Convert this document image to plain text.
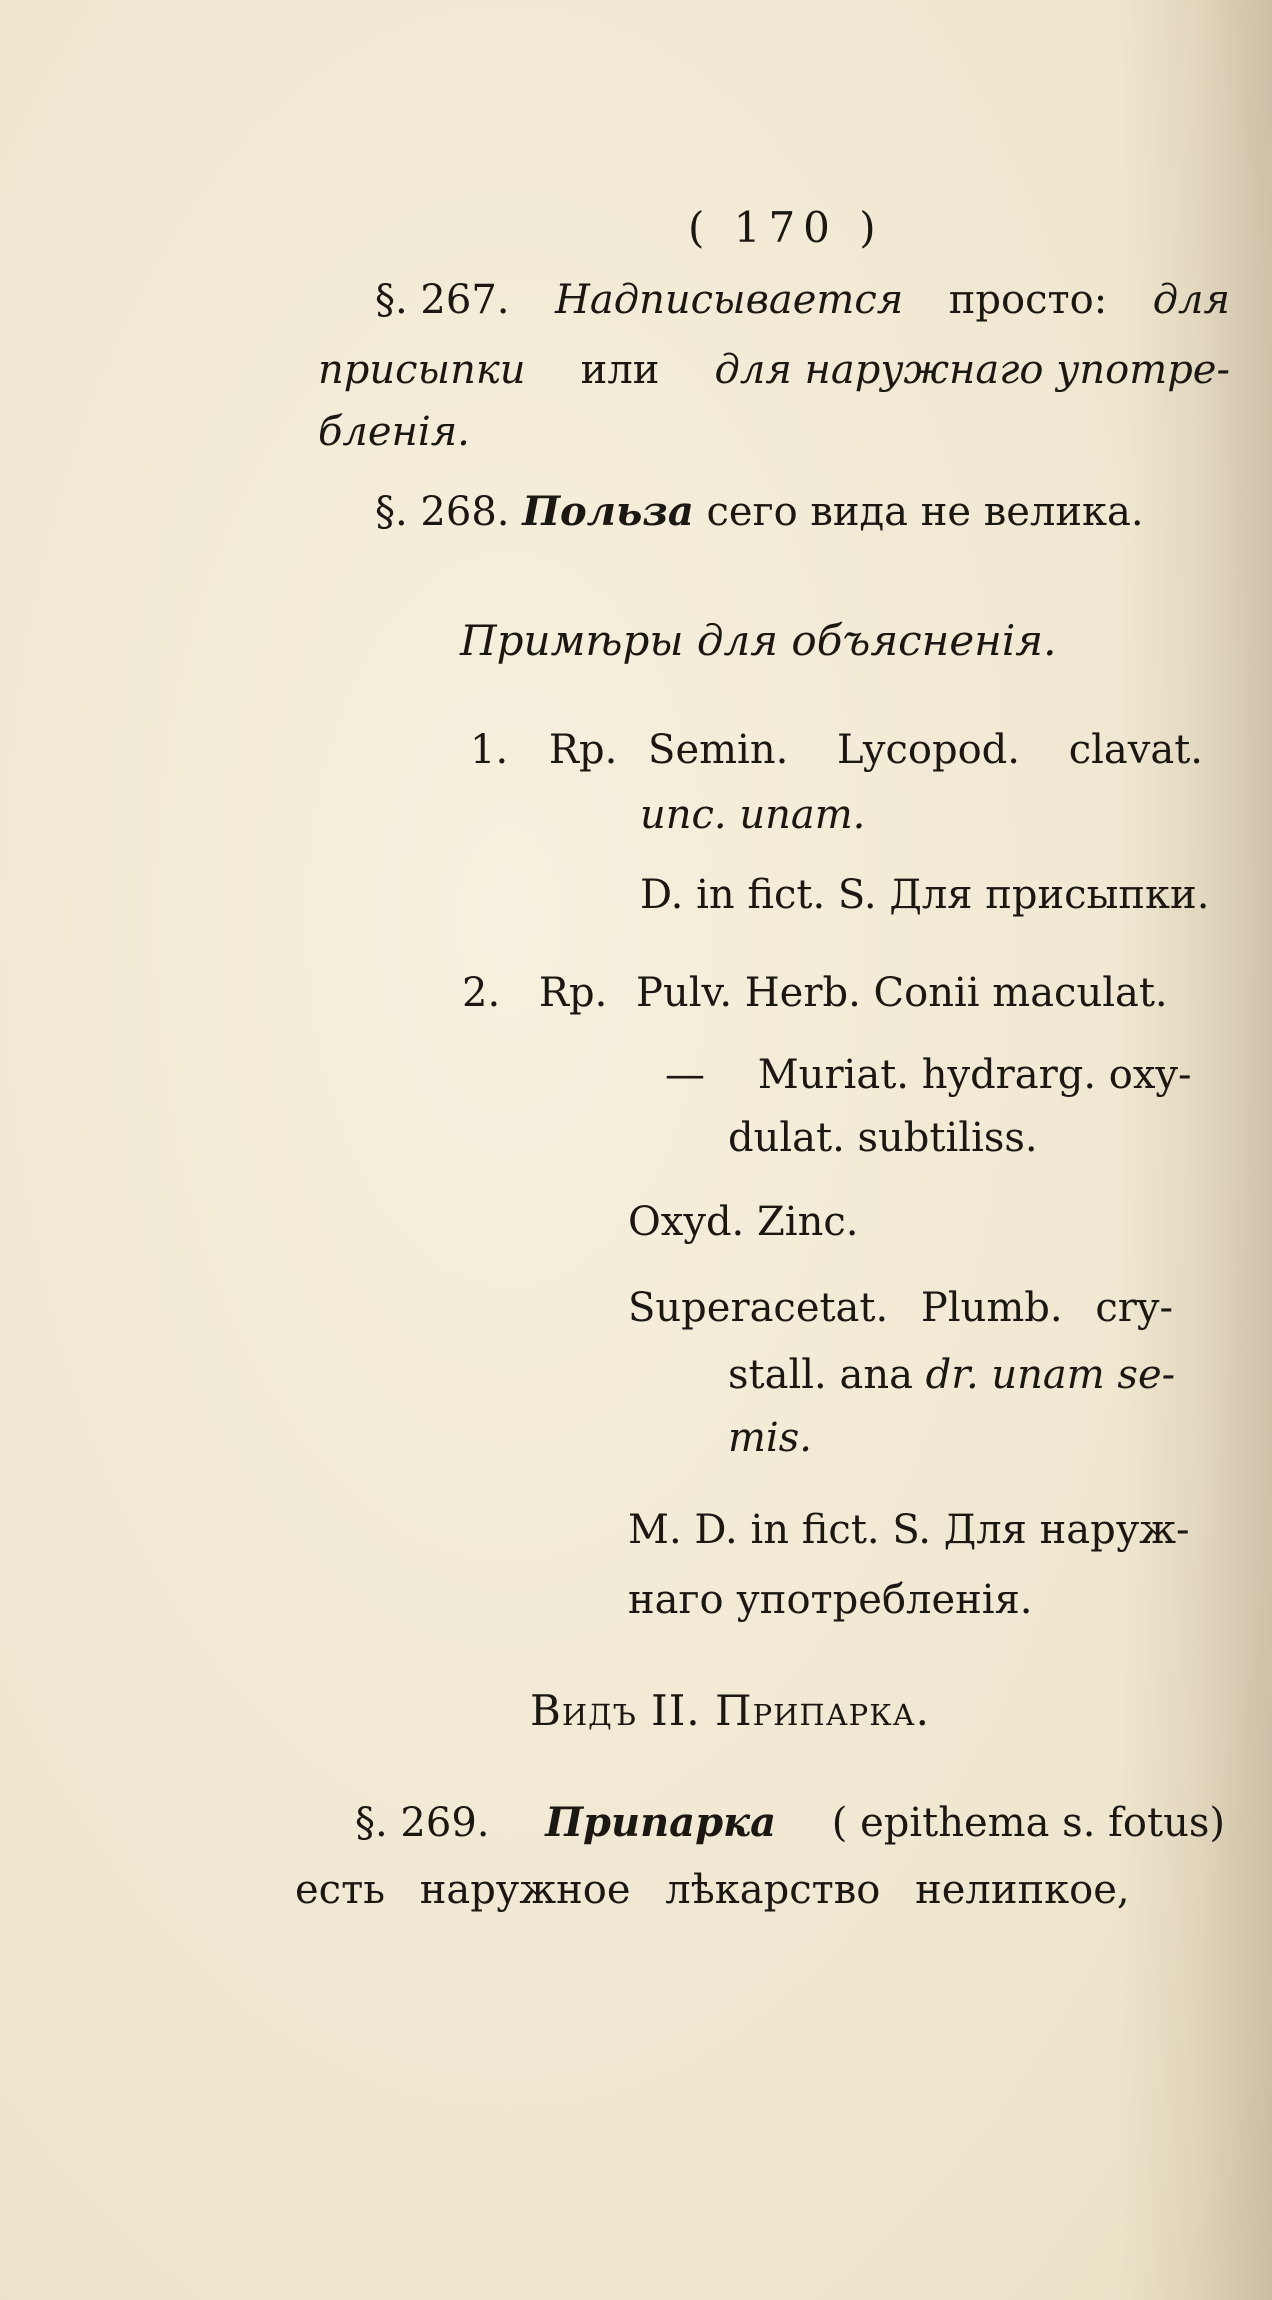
( 170 )
§. 267. Надписывается просто: для
присыпки или для наружнаго употре-
бленія.
§. 268. Польза сего вида не велика.
Примѣры для объясненія.
1. Rp. Semin. Lycopod. clavat.
unc. unam.
D. in fict. S. Для присыпки.
2. Rp. Pulv. Herb. Conii maculat.
— Muriat. hydrarg. oxy-
dulat. subtiliss.
Oxyd. Zinc.
Superacetat. Plumb. cry-
stall. ana dr. unam se-
mis.
M. D. in fict. S. Для наруж-
наго употребленія.
Видъ II. Припарка.
§. 269. Припарка ( epithema s. fotus)
есть наружное лѣкарство нелипкое,
